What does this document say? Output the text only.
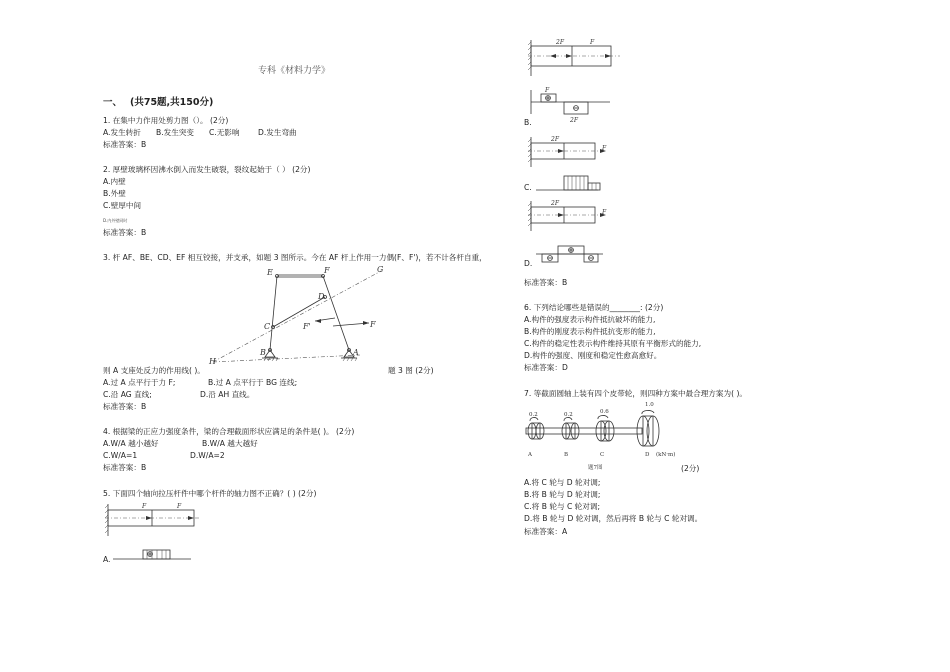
专科《材料力学》
一、 (共75题,共150分)
1. 在集中力作用处剪力图（）。 (2分)
A.发生转折 B.发生突变 C.无影响 D.发生弯曲
标准答案：B
2. 厚壁玻璃杯因沸水倒入而发生破裂，裂纹起始于（ ） (2分)
A.内壁
B.外壁
C.壁厚中间
D.内外壁同时
标准答案：B
3. 杆 AF、BE、CD、EF 相互铰接，并支承，如题 3 图所示。今在 AF 杆上作用一力偶(F、F')，若不计各杆自重，
E	F	G
D
C
H
B	A
F
F'
则 A 支座处反力的作用线( )。	题 3 图 (2分)
A.过 A 点平行于力 F;	B.过 A 点平行于 BG 连线;
C.沿 AG 直线;	D.沿 AH 直线。
标准答案：B
4. 根据梁的正应力强度条件，梁的合理截面形状应满足的条件是( )。 (2分)
A.W/A 越小越好	B.W/A 越大越好
C.W/A=1	D.W/A=2
标准答案：B
5. 下面四个轴向拉压杆件中哪个杆件的轴力图不正确？( ) (2分)
F	F
A.
2F	F
F
2F
B.
2F
F
C.
2F
F
D.
标准答案：B
6. 下列结论哪些是错误的________: (2分)
A.构件的强度表示构件抵抗破坏的能力,
B.构件的刚度表示构件抵抗变形的能力,
C.构件的稳定性表示构件维持其原有平衡形式的能力,
D.构件的强度、刚度和稳定性愈高愈好。
标准答案：D
7. 等截面圆轴上装有四个皮带轮，则四种方案中最合理方案为( )。
0.2	0.2	0.6
1.0
A	B	C	D (kN·m)
题7图	(2分)
A.将 C 轮与 D 轮对调;
B.将 B 轮与 D 轮对调;
C.将 B 轮与 C 轮对调;
D.将 B 轮与 D 轮对调，然后再将 B 轮与 C 轮对调。
标准答案：A
